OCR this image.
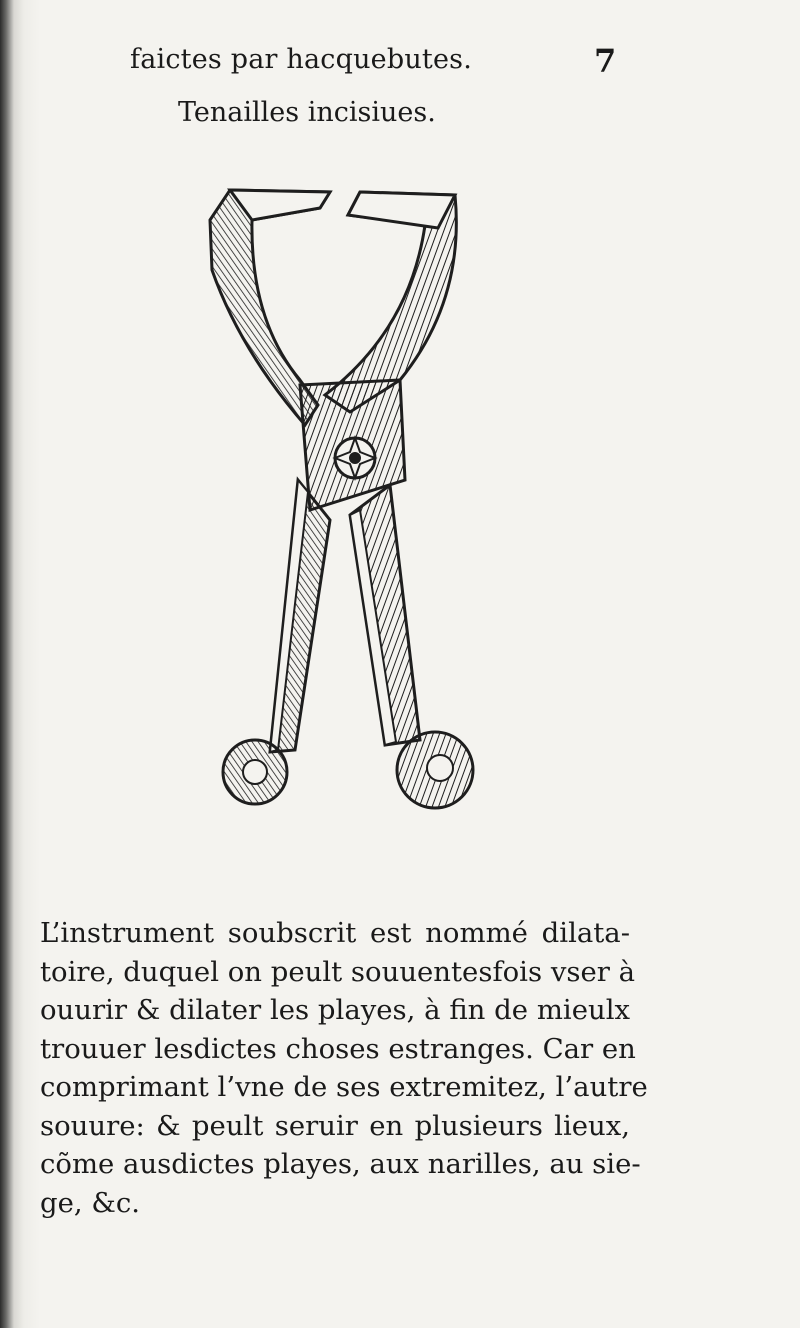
faictes par hacquebutes.	7
Tenailles incisiues.
L’instrument soubscrit est nommé dilata-
toire, duquel on peult souuentesfois vser à
ouurir & dilater les playes, à fin de mieulx
trouuer lesdictes choses estranges. Car en
comprimant l’vne de ses extremitez, l’autre
souure: & peult seruir en plusieurs lieux,
cõme ausdictes playes, aux narilles, au sie-
ge, &c.
